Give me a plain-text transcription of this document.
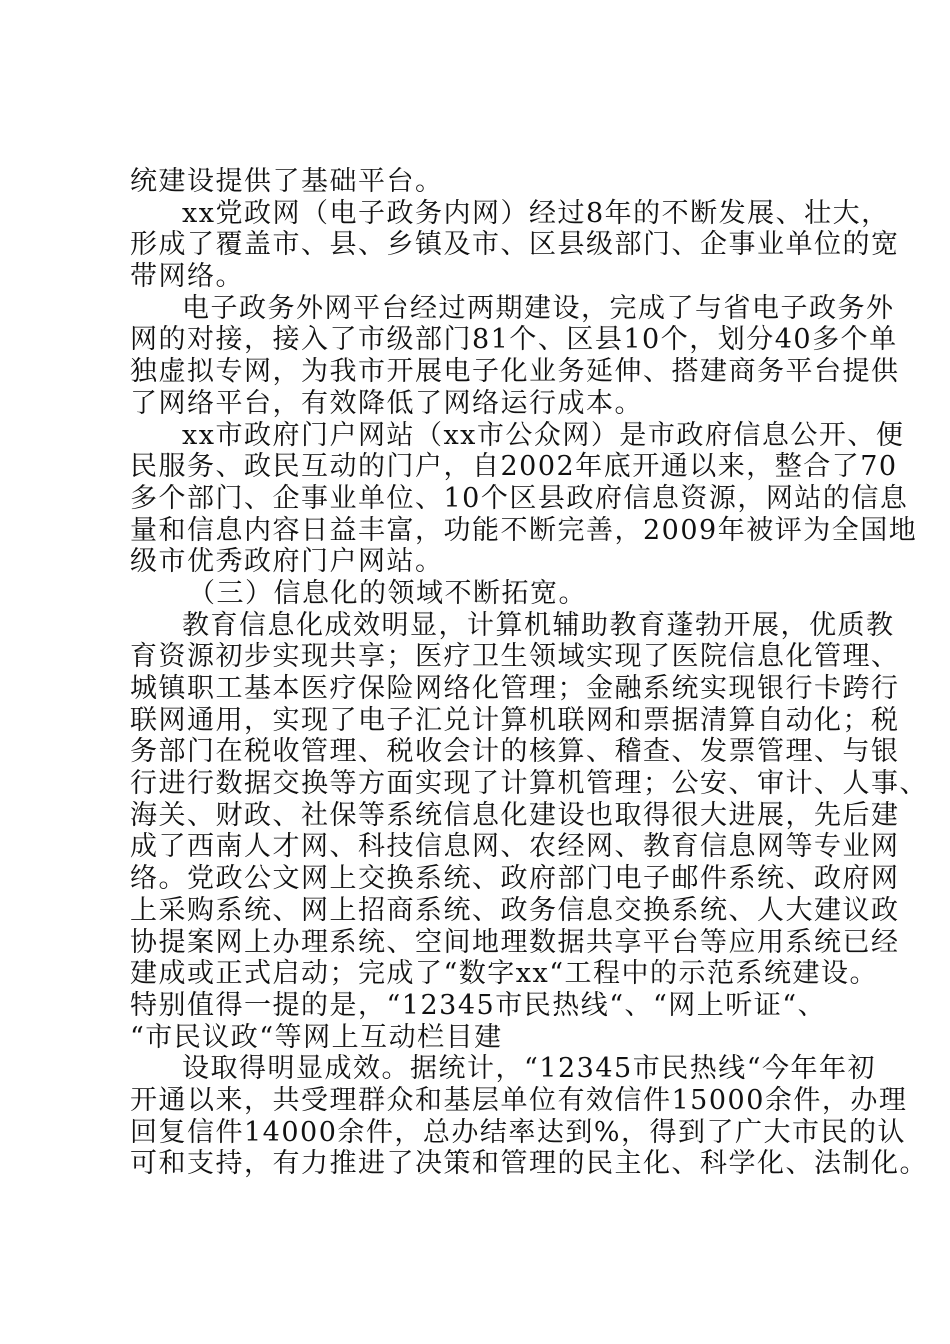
统建设提供了基础平台。
xx党政网（电子政务内网）经过8年的不断发展、壮大，
形成了覆盖市、县、乡镇及市、区县级部门、企事业单位的宽
带网络。
电子政务外网平台经过两期建设，完成了与省电子政务外
网的对接，接入了市级部门81个、区县10个，划分40多个单
独虚拟专网，为我市开展电子化业务延伸、搭建商务平台提供
了网络平台，有效降低了网络运行成本。
xx市政府门户网站（xx市公众网）是市政府信息公开、便
民服务、政民互动的门户，自2002年底开通以来，整合了70
多个部门、企事业单位、10个区县政府信息资源，网站的信息
量和信息内容日益丰富，功能不断完善，2009年被评为全国地
级市优秀政府门户网站。
（三）信息化的领域不断拓宽。
教育信息化成效明显，计算机辅助教育蓬勃开展，优质教
育资源初步实现共享；医疗卫生领域实现了医院信息化管理、
城镇职工基本医疗保险网络化管理；金融系统实现银行卡跨行
联网通用，实现了电子汇兑计算机联网和票据清算自动化；税
务部门在税收管理、税收会计的核算、稽查、发票管理、与银
行进行数据交换等方面实现了计算机管理；公安、审计、人事、
海关、财政、社保等系统信息化建设也取得很大进展，先后建
成了西南人才网、科技信息网、农经网、教育信息网等专业网
络。党政公文网上交换系统、政府部门电子邮件系统、政府网
上采购系统、网上招商系统、政务信息交换系统、人大建议政
协提案网上办理系统、空间地理数据共享平台等应用系统已经
建成或正式启动；完成了“数字xx“工程中的示范系统建设。
特别值得一提的是，“12345市民热线“、“网上听证“、
“市民议政“等网上互动栏目建
设取得明显成效。据统计，“12345市民热线“今年年初
开通以来，共受理群众和基层单位有效信件15000余件，办理
回复信件14000余件，总办结率达到%，得到了广大市民的认
可和支持，有力推进了决策和管理的民主化、科学化、法制化。
